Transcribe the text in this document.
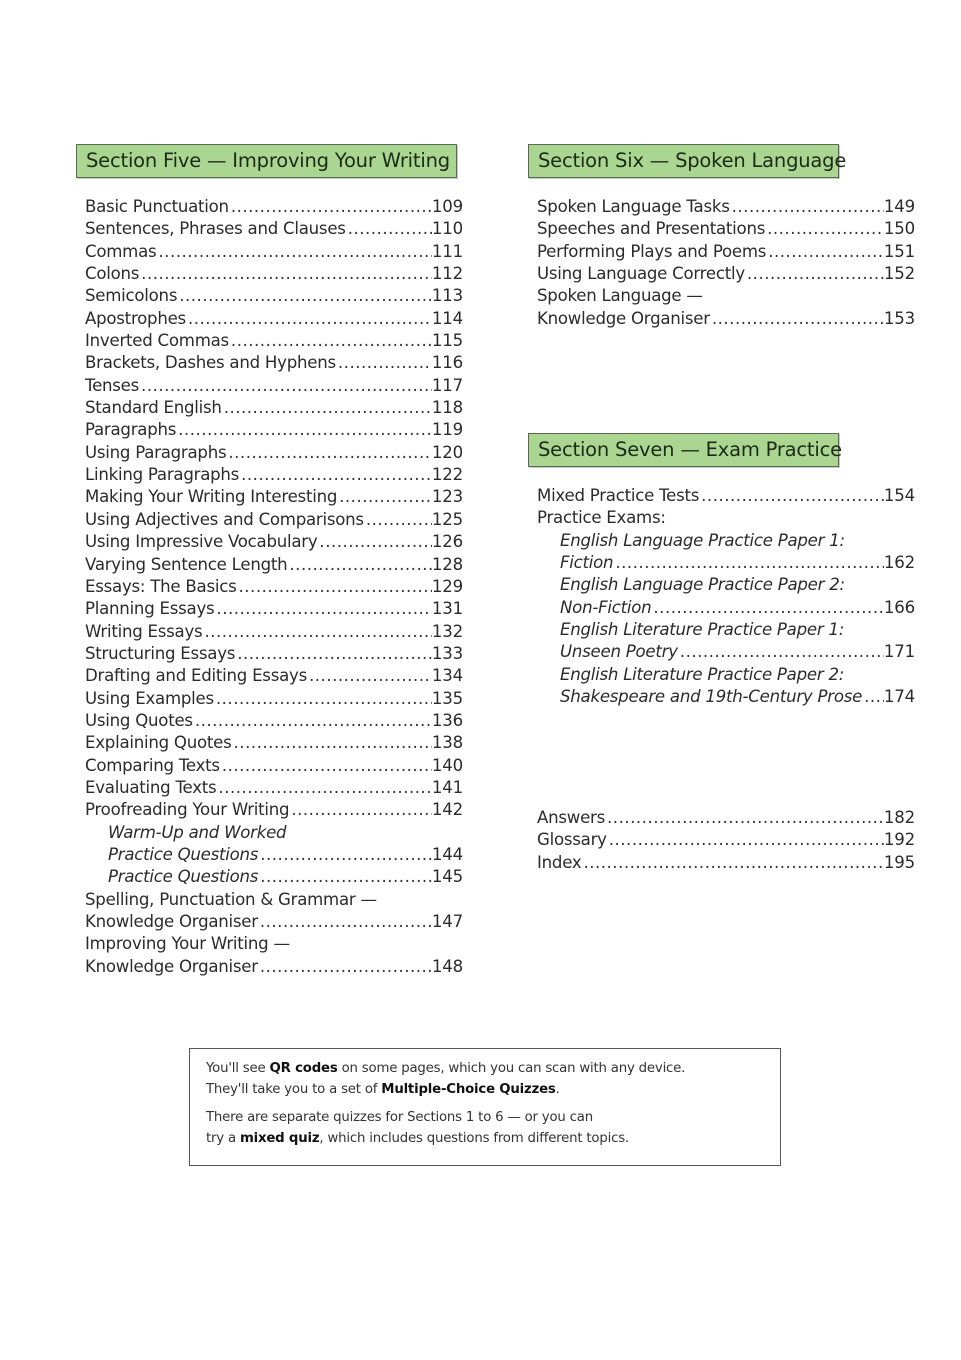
Section Five — Improving Your Writing
Basic Punctuation .....	109
Sentences, Phrases and Clauses .....	110
Commas .....	111
Colons .....	112
Semicolons .....	113
Apostrophes .....	114
Inverted Commas .....	115
Brackets, Dashes and Hyphens .....	116
Tenses .....	117
Standard English .....	118
Paragraphs .....	119
Using Paragraphs .....	120
Linking Paragraphs .....	122
Making Your Writing Interesting .....	123
Using Adjectives and Comparisons .....	125
Using Impressive Vocabulary .....	126
Varying Sentence Length .....	128
Essays: The Basics .....	129
Planning Essays .....	131
Writing Essays .....	132
Structuring Essays .....	133
Drafting and Editing Essays .....	134
Using Examples .....	135
Using Quotes .....	136
Explaining Quotes .....	138
Comparing Texts .....	140
Evaluating Texts .....	141
Proofreading Your Writing .....	142
Warm-Up and Worked
Practice Questions .....	144
Practice Questions .....	145
Spelling, Punctuation & Grammar —
Knowledge Organiser .....	147
Improving Your Writing —
Knowledge Organiser .....	148
Section Six — Spoken Language
Spoken Language Tasks .....	149
Speeches and Presentations .....	150
Performing Plays and Poems .....	151
Using Language Correctly .....	152
Spoken Language —
Knowledge Organiser .....	153
Section Seven — Exam Practice
Mixed Practice Tests .....	154
Practice Exams:
English Language Practice Paper 1:
Fiction .....	162
English Language Practice Paper 2:
Non-Fiction .....	166
English Literature Practice Paper 1:
Unseen Poetry .....	171
English Literature Practice Paper 2:
Shakespeare and 19th-Century Prose ..... 174
Answers .....	182
Glossary .....	192
Index .....	195

You'll see QR codes on some pages, which you can scan with any device.
They'll take you to a set of Multiple-Choice Quizzes.

There are separate quizzes for Sections 1 to 6 — or you can
try a mixed quiz, which includes questions from different topics.
